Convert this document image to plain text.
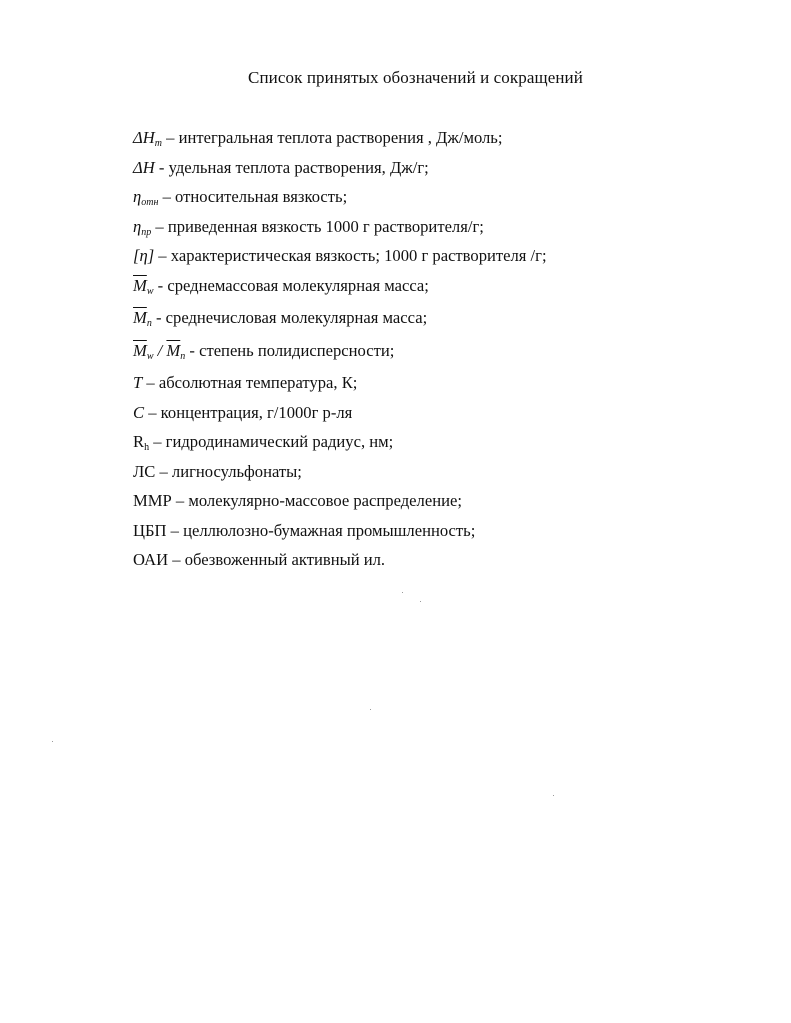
Список принятых обозначений и сокращений
$\Delta H_m$ – интегральная теплота растворения , Дж/моль;
ΔH - удельная теплота растворения, Дж/г;
$\eta_{отн}$ – относительная вязкость;
$\eta_{пр}$ – приведенная вязкость 1000 г растворителя/г;
[η] – характеристическая вязкость; 1000 г растворителя /г;
$\overline{M}_w$ - среднемассовая молекулярная масса;
$\overline{M}_n$ - среднечисловая молекулярная масса;
$\overline{M}_w / \overline{M}_n$ - степень полидисперсности;
T – абсолютная температура, К;
C – концентрация, г/1000г р-ля
$R_h$ – гидродинамический радиус, нм;
ЛС – лигносульфонаты;
ММР – молекулярно-массовое распределение;
ЦБП – целлюлозно-бумажная промышленность;
ОАИ – обезвоженный активный ил.
